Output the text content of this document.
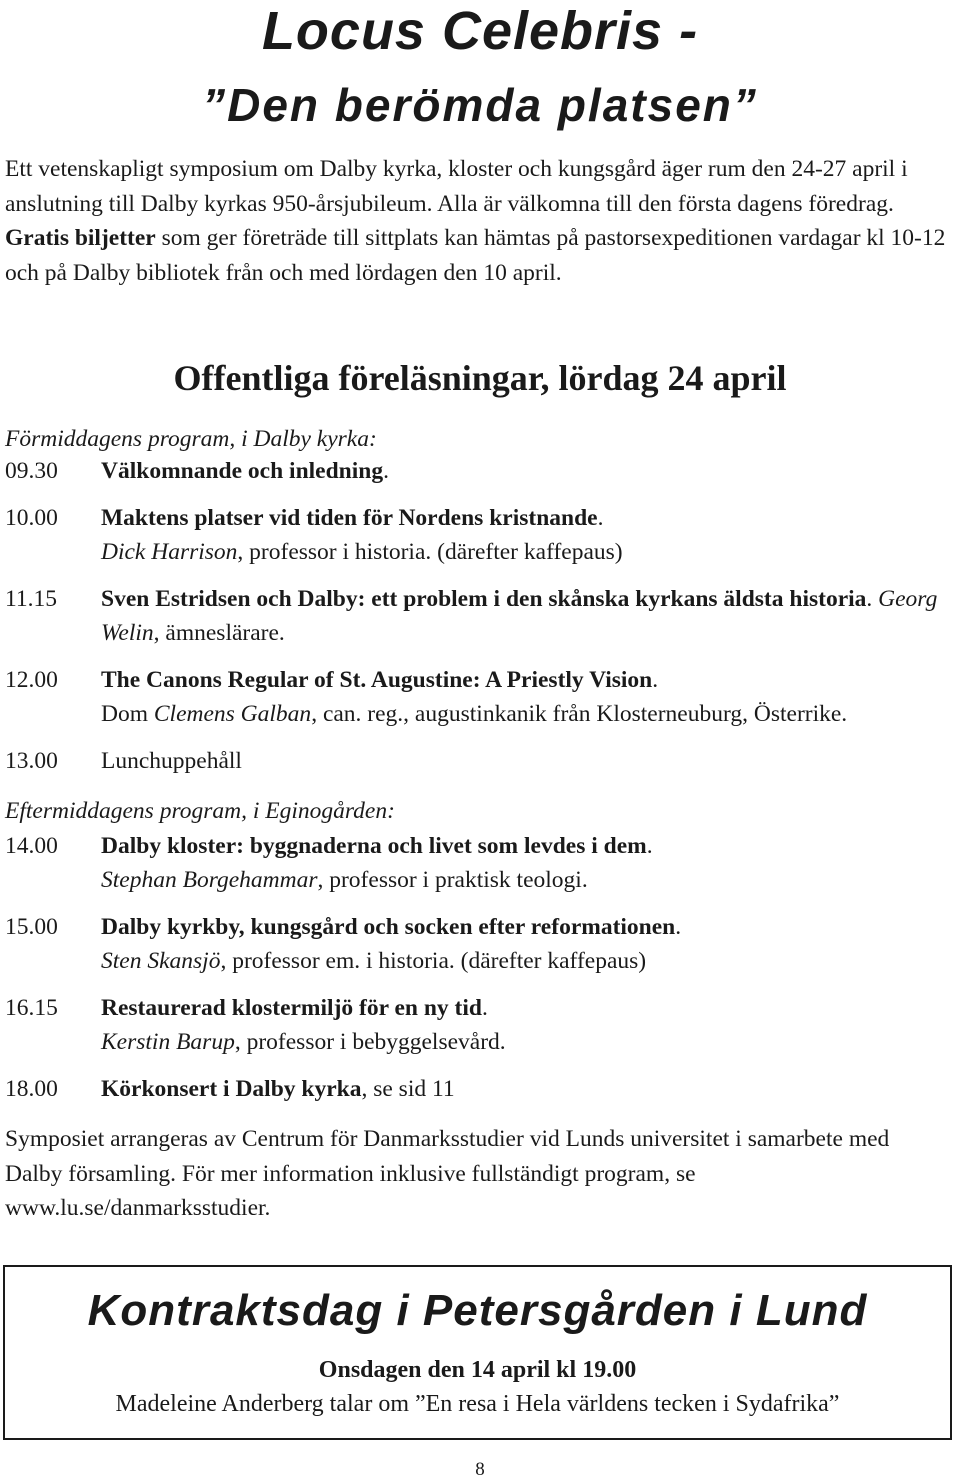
Locus Celebris -
”Den berömda platsen”

Ett vetenskapligt symposium om Dalby kyrka, kloster och kungsgård äger rum den 24-27 april i anslutning till Dalby kyrkas 950-årsjubileum. Alla är välkomna till den första dagens föredrag. Gratis biljetter som ger företräde till sittplats kan hämtas på pastorsexpeditionen vardagar kl 10-12 och på Dalby bibliotek från och med lördagen den 10 april.

Offentliga föreläsningar, lördag 24 april

Förmiddagens program, i Dalby kyrka:

09.30	Välkomnande och inledning.
10.00	Maktens platser vid tiden för Nordens kristnande.
Dick Harrison, professor i historia. (därefter kaffepaus)
11.15	Sven Estridsen och Dalby: ett problem i den skånska kyrkans äldsta historia. Georg Welin, ämneslärare.
12.00	The Canons Regular of St. Augustine: A Priestly Vision.
Dom Clemens Galban, can. reg., augustinkanik från Klosterneuburg, Österrike.
13.00	Lunchuppehåll

Eftermiddagens program, i Eginogården:

14.00	Dalby kloster: byggnaderna och livet som levdes i dem.
Stephan Borgehammar, professor i praktisk teologi.
15.00	Dalby kyrkby, kungsgård och socken efter reformationen.
Sten Skansjö, professor em. i historia. (därefter kaffepaus)
16.15	Restaurerad klostermiljö för en ny tid.
Kerstin Barup, professor i bebyggelsevård.
18.00	Körkonsert i Dalby kyrka, se sid 11

Symposiet arrangeras av Centrum för Danmarksstudier vid Lunds universitet i samarbete med Dalby församling. För mer information inklusive fullständigt program, se www.lu.se/danmarksstudier.

Kontraktsdag i Petersgården i Lund
Onsdagen den 14 april kl 19.00
Madeleine Anderberg talar om ”En resa i Hela världens tecken i Sydafrika”
8
